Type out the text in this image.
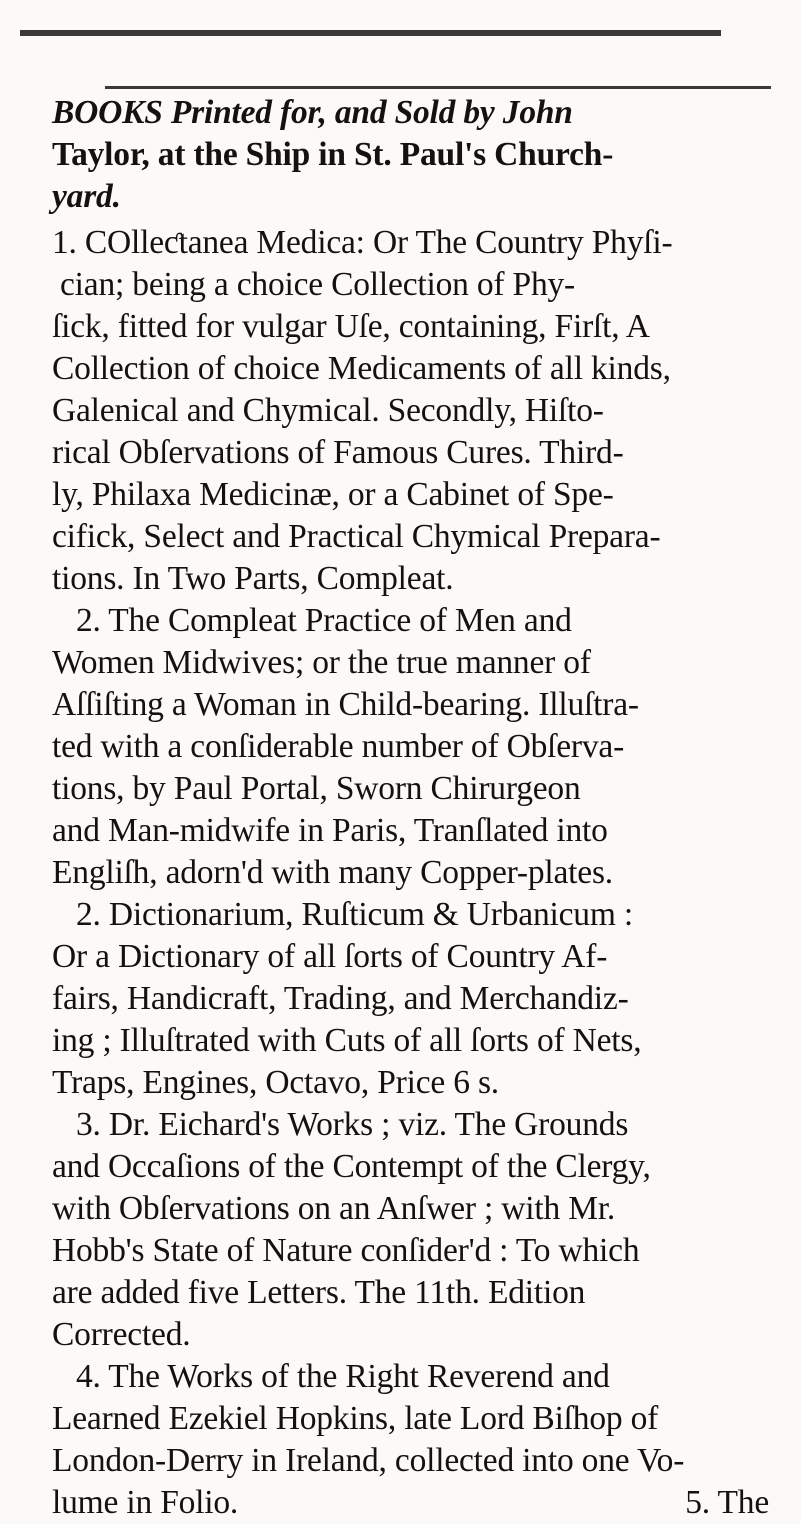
BOOKS Printed for, and Sold by John
Taylor, at the Ship in St. Paul's Church-
yard.
1. COlleƈtanea Medica: Or The Country Phyſi-
cian; being a choice Collection of Phy-
ſick, fitted for vulgar Uſe, containing, Firſt, A
Collection of choice Medicaments of all kinds,
Galenical and Chymical. Secondly, Hiſto-
rical Obſervations of Famous Cures. Third-
ly, Philaxa Medicinæ, or a Cabinet of Spe-
cifick, Select and Practical Chymical Prepara-
tions. In Two Parts, Compleat.
2. The Compleat Practice of Men and
Women Midwives; or the true manner of
Aſſiſting a Woman in Child-bearing. Illuſtra-
ted with a conſiderable number of Obſerva-
tions, by Paul Portal, Sworn Chirurgeon
and Man-midwife in Paris, Tranſlated into
Engliſh, adorn'd with many Copper-plates.
2. Dictionarium, Ruſticum & Urbanicum :
Or a Dictionary of all ſorts of Country Af-
fairs, Handicraft, Trading, and Merchandiz-
ing ; Illuſtrated with Cuts of all ſorts of Nets,
Traps, Engines, Octavo, Price 6 s.
3. Dr. Eichard's Works ; viz. The Grounds
and Occaſions of the Contempt of the Clergy,
with Obſervations on an Anſwer ; with Mr.
Hobb's State of Nature conſider'd : To which
are added five Letters. The 11th. Edition
Corrected.
4. The Works of the Right Reverend and
Learned Ezekiel Hopkins, late Lord Biſhop of
London-Derry in Ireland, collected into one Vo-
lume in Folio.	5. The
